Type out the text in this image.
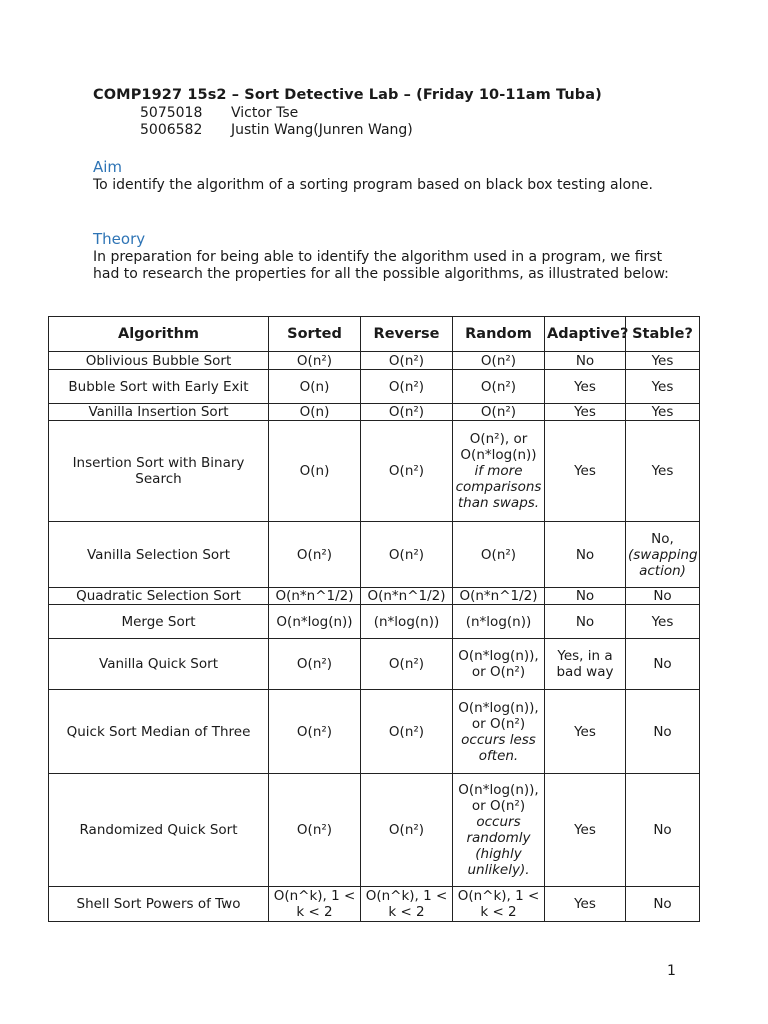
COMP1927 15s2 – Sort Detective Lab – (Friday 10-11am Tuba)
5075018 Victor Tse
5006582 Justin Wang(Junren Wang)
Aim
To identify the algorithm of a sorting program based on black box testing alone.
Theory
In preparation for being able to identify the algorithm used in a program, we first had to research the properties for all the possible algorithms, as illustrated below:
Algorithm	Sorted	Reverse	Random	Adaptive?	Stable?
Oblivious Bubble Sort	O(n²)	O(n²)	O(n²)	No	Yes
Bubble Sort with Early Exit	O(n)	O(n²)	O(n²)	Yes	Yes
Vanilla Insertion Sort	O(n)	O(n²)	O(n²)	Yes	Yes
Insertion Sort with Binary Search	O(n)	O(n²)	O(n²), or O(n*log(n)) if more comparisons than swaps.	Yes	Yes
Vanilla Selection Sort	O(n²)	O(n²)	O(n²)	No	No, (swapping action)
Quadratic Selection Sort	O(n*n^1/2)	O(n*n^1/2)	O(n*n^1/2)	No	No
Merge Sort	O(n*log(n))	(n*log(n))	(n*log(n))	No	Yes
Vanilla Quick Sort	O(n²)	O(n²)	O(n*log(n)), or O(n²)	Yes, in a bad way	No
Quick Sort Median of Three	O(n²)	O(n²)	O(n*log(n)), or O(n²) occurs less often.	Yes	No
Randomized Quick Sort	O(n²)	O(n²)	O(n*log(n)), or O(n²) occurs randomly (highly unlikely).	Yes	No
Shell Sort Powers of Two	O(n^k), 1 < k < 2	O(n^k), 1 < k < 2	O(n^k), 1 < k < 2	Yes	No
1
